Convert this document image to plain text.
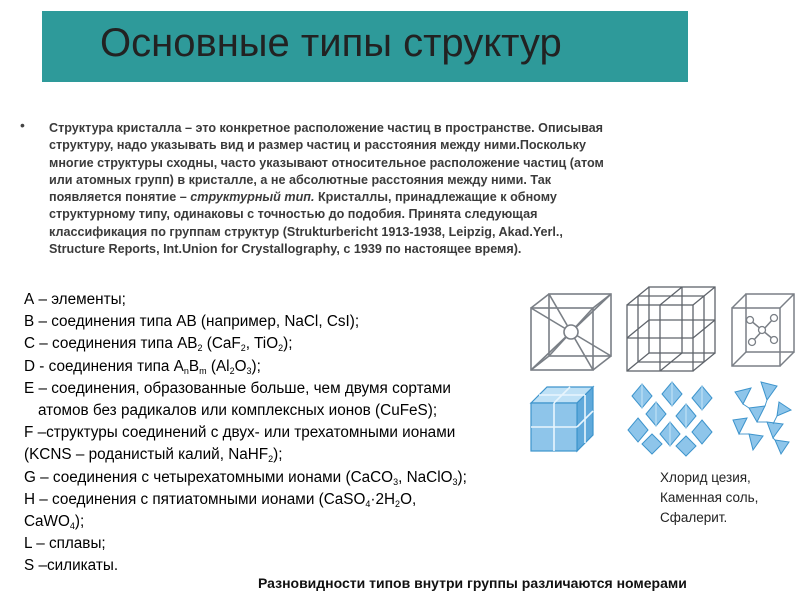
Основные типы структур
• Структура кристалла – это конкретное расположение частиц в пространстве. Описывая
структуру, надо указывать вид и размер частиц и расстояния между ними.Поскольку
многие структуры сходны, часто указывают относительное расположение частиц (атом
или атомных групп) в кристалле, а не абсолютные расстояния между ними. Так
появляется понятие – структурный тип. Кристаллы, принадлежащие к обному
структурному типу, одинаковы с точностью до подобия. Принята следующая
классификация по группам структур (Strukturbericht 1913-1938, Leipzig, Akad.Yerl.,
Structure Reports, Int.Union for Crystallography, с 1939 по настоящее время).
А – элементы;
В – соединения типа АВ (например, NaCl, CsI);
С – соединения типа $АВ_2$ (CaF$_2$, TiO$_2$);
D - соединения типа $А_nB_m$ $(Al_2O_3)$;
Е – соединения, образованные больше, чем двумя сортами
атомов без радикалов или комплексных ионов (CuFeS);
F –структуры соединений с двух- или трехатомными ионами
(KCNS – роданистый калий, NaHF$_2$);
G – соединения с четырехатомными ионами (CaCO$_3$, NaClO$_3$);
Н – соединения с пятиатомными ионами ($CaSO_4\cdot 2H_2O$,
CaWO$_4$);
L – сплавы;
S –силикаты.
Хлорид цезия,
Каменная соль,
Сфалерит.
Разновидности типов внутри группы различаются номерами
